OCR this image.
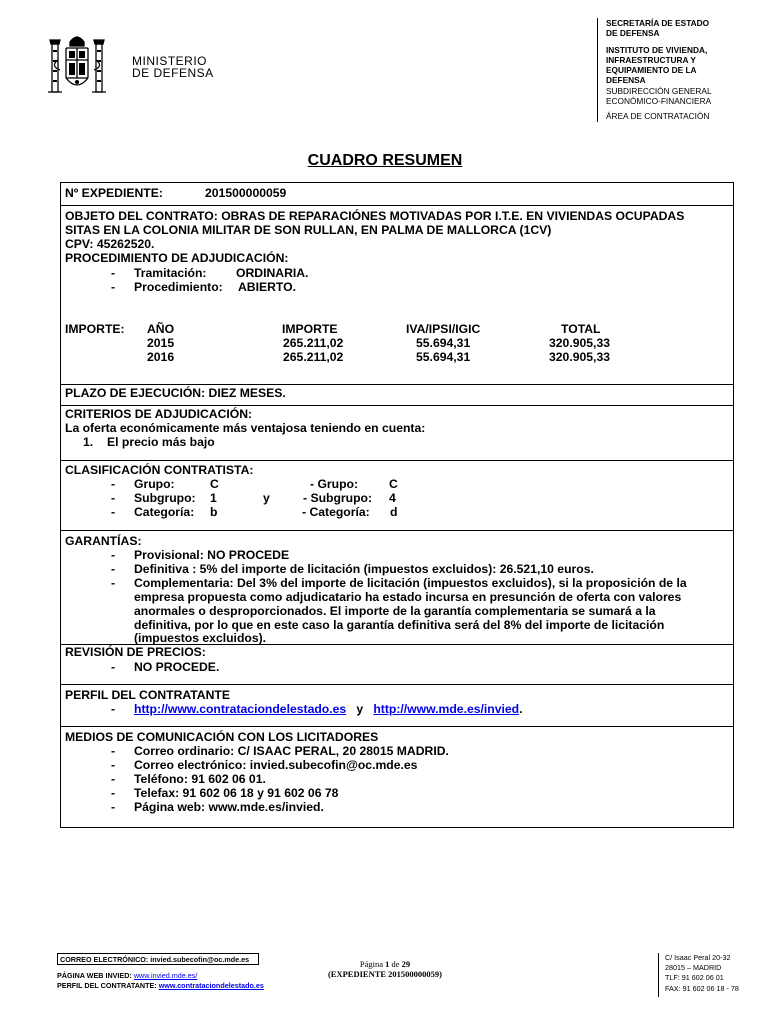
MINISTERIO
DE DEFENSA
SECRETARÍA DE ESTADO
DE DEFENSA
INSTITUTO DE VIVIENDA,
INFRAESTRUCTURA Y
EQUIPAMIENTO DE LA
DEFENSA
SUBDIRECCIÓN GENERAL
ECONÓMICO-FINANCIERA
ÁREA DE CONTRATACIÓN
CUADRO RESUMEN
Nº EXPEDIENTE:	201500000059
OBJETO DEL CONTRATO: OBRAS DE REPARACIÓNES MOTIVADAS POR I.T.E. EN VIVIENDAS OCUPADAS
SITAS EN LA COLONIA MILITAR DE SON RULLAN, EN PALMA DE MALLORCA (1CV)
CPV: 45262520.
PROCEDIMIENTO DE ADJUDICACIÓN:
- Tramitación: ORDINARIA.
- Procedimiento: ABIERTO.
IMPORTE: AÑO	IMPORTE	IVA/IPSI/IGIC	TOTAL
2015	265.211,02	55.694,31	320.905,33
2016	265.211,02	55.694,31	320.905,33
PLAZO DE EJECUCIÓN: DIEZ MESES.
CRITERIOS DE ADJUDICACIÓN:
La oferta económicamente más ventajosa teniendo en cuenta:
1. El precio más bajo
CLASIFICACIÓN CONTRATISTA:
- Grupo:	C	- Grupo:	C
- Subgrupo: 1	y	- Subgrupo: 4
- Categoría: b	- Categoría: d
GARANTÍAS:
- Provisional: NO PROCEDE
- Definitiva : 5% del importe de licitación (impuestos excluidos): 26.521,10 euros.
- Complementaria: Del 3% del importe de licitación (impuestos excluidos), si la proposición de la
empresa propuesta como adjudicatario ha estado incursa en presunción de oferta con valores
anormales o desproporcionados. El importe de la garantía complementaria se sumará a la
definitiva, por lo que en este caso la garantía definitiva será del 8% del importe de licitación
(impuestos excluidos).
REVISIÓN DE PRECIOS:
- NO PROCEDE.
PERFIL DEL CONTRATANTE
- http://www.contrataciondelestado.es y http://www.mde.es/invied.
MEDIOS DE COMUNICACIÓN CON LOS LICITADORES
- Correo ordinario: C/ ISAAC PERAL, 20 28015 MADRID.
- Correo electrónico: invied.subecofin@oc.mde.es
- Teléfono: 91 602 06 01.
- Telefax: 91 602 06 18 y 91 602 06 78
- Página web: www.mde.es/invied.
CORREO ELECTRÓNICO: invied.subecofin@oc.mde.es
PÁGINA WEB INVIED: www.invied.mde.es/
PERFIL DEL CONTRATANTE: www.contrataciondelestado.es
Página 1 de 29
(EXPEDIENTE 201500000059)
C/ Isaac Peral 20-32
28015 – MADRID
TLF: 91 602 06 01
FAX: 91 602 06 18 - 78
